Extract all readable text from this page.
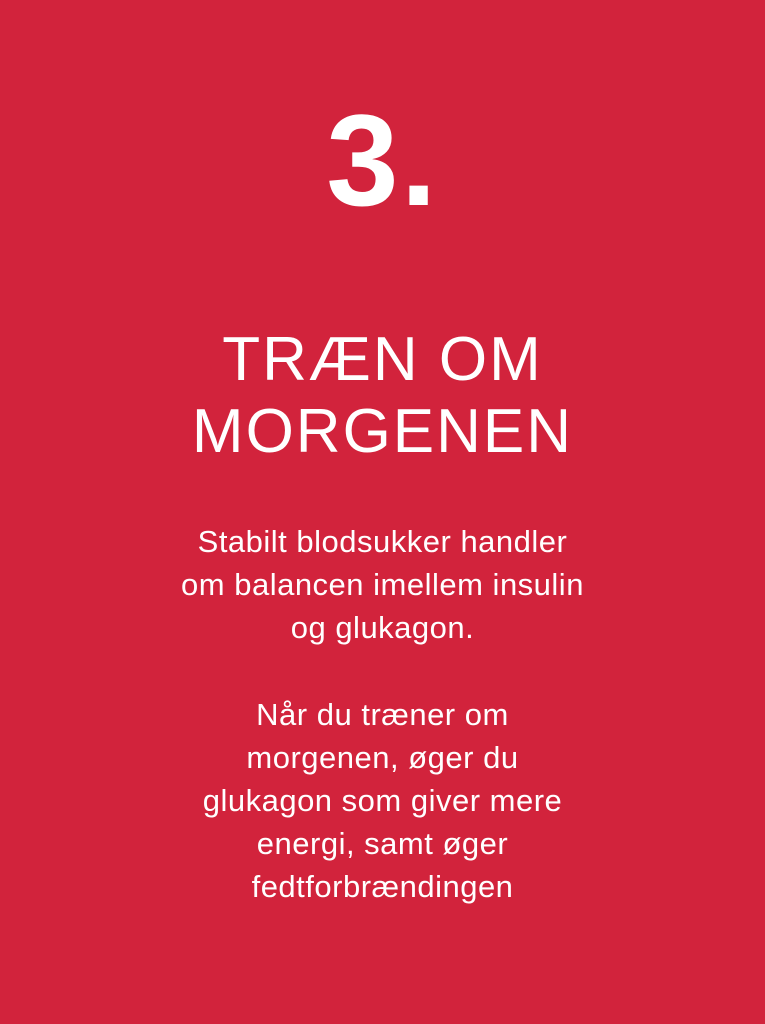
3.
TRÆN OM
MORGENEN
Stabilt blodsukker handler
om balancen imellem insulin
og glukagon.
Når du træner om
morgenen, øger du
glukagon som giver mere
energi, samt øger
fedtforbrændingen
